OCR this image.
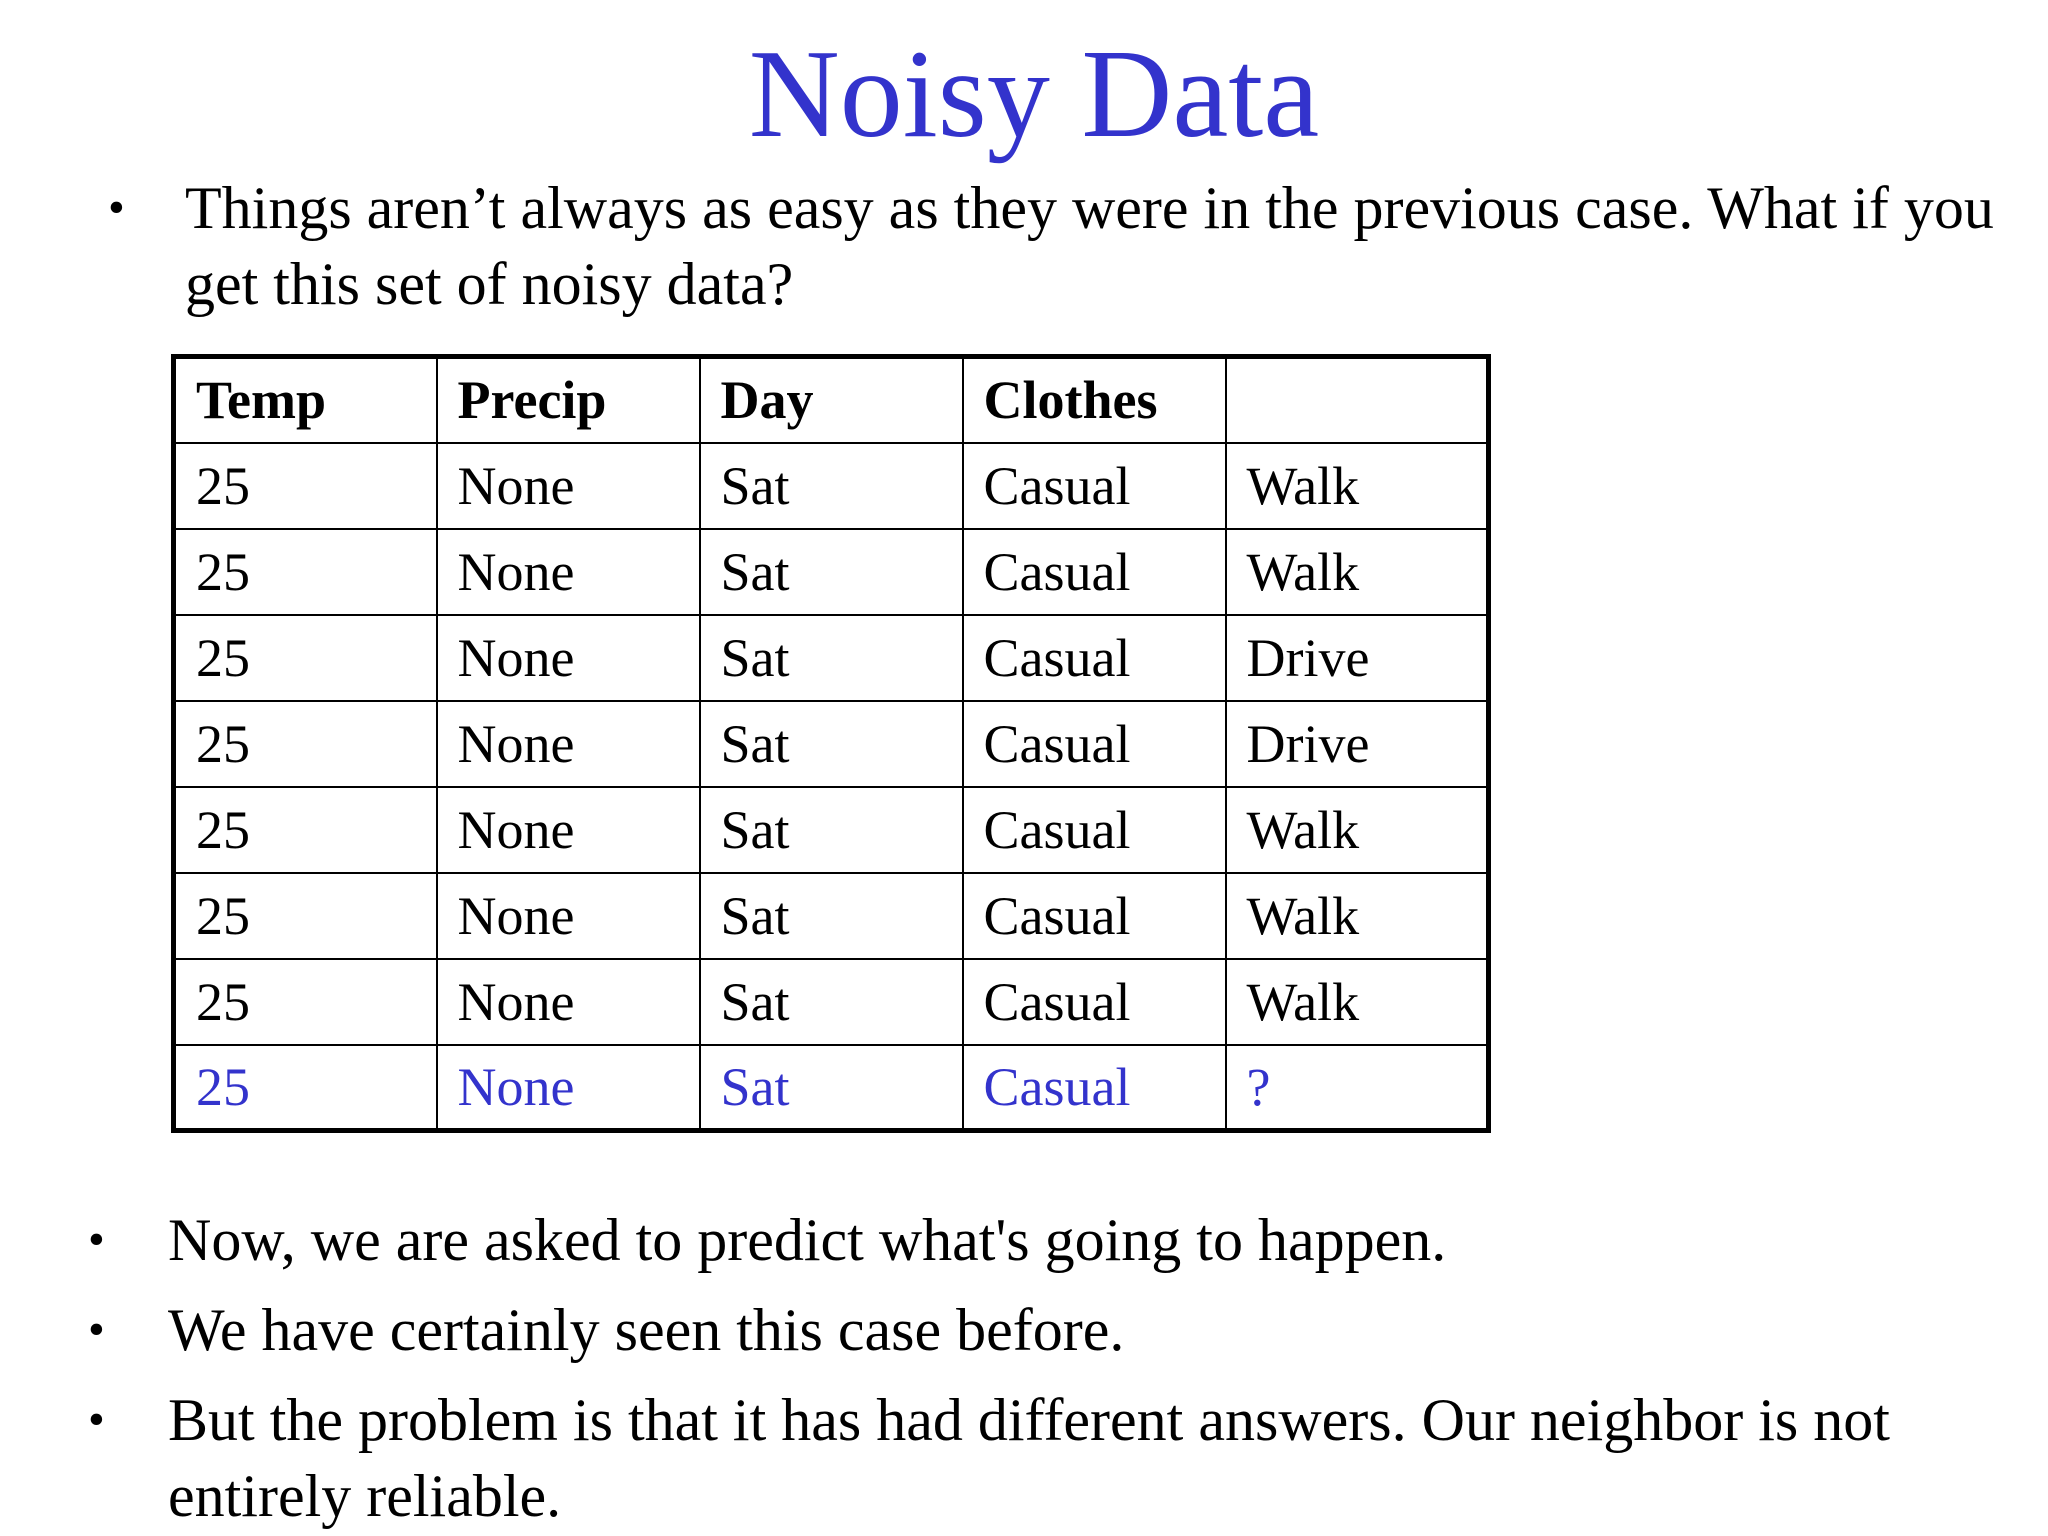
Noisy Data
•	Things aren’t always as easy as they were in the previous case. What if you get this set of noisy data?
Temp	Precip	Day	Clothes	
25	None	Sat	Casual	Walk
25	None	Sat	Casual	Walk
25	None	Sat	Casual	Drive
25	None	Sat	Casual	Drive
25	None	Sat	Casual	Walk
25	None	Sat	Casual	Walk
25	None	Sat	Casual	Walk
25	None	Sat	Casual	?
•	Now, we are asked to predict what's going to happen.
•	We have certainly seen this case before.
•	But the problem is that it has had different answers. Our neighbor is not entirely reliable.
